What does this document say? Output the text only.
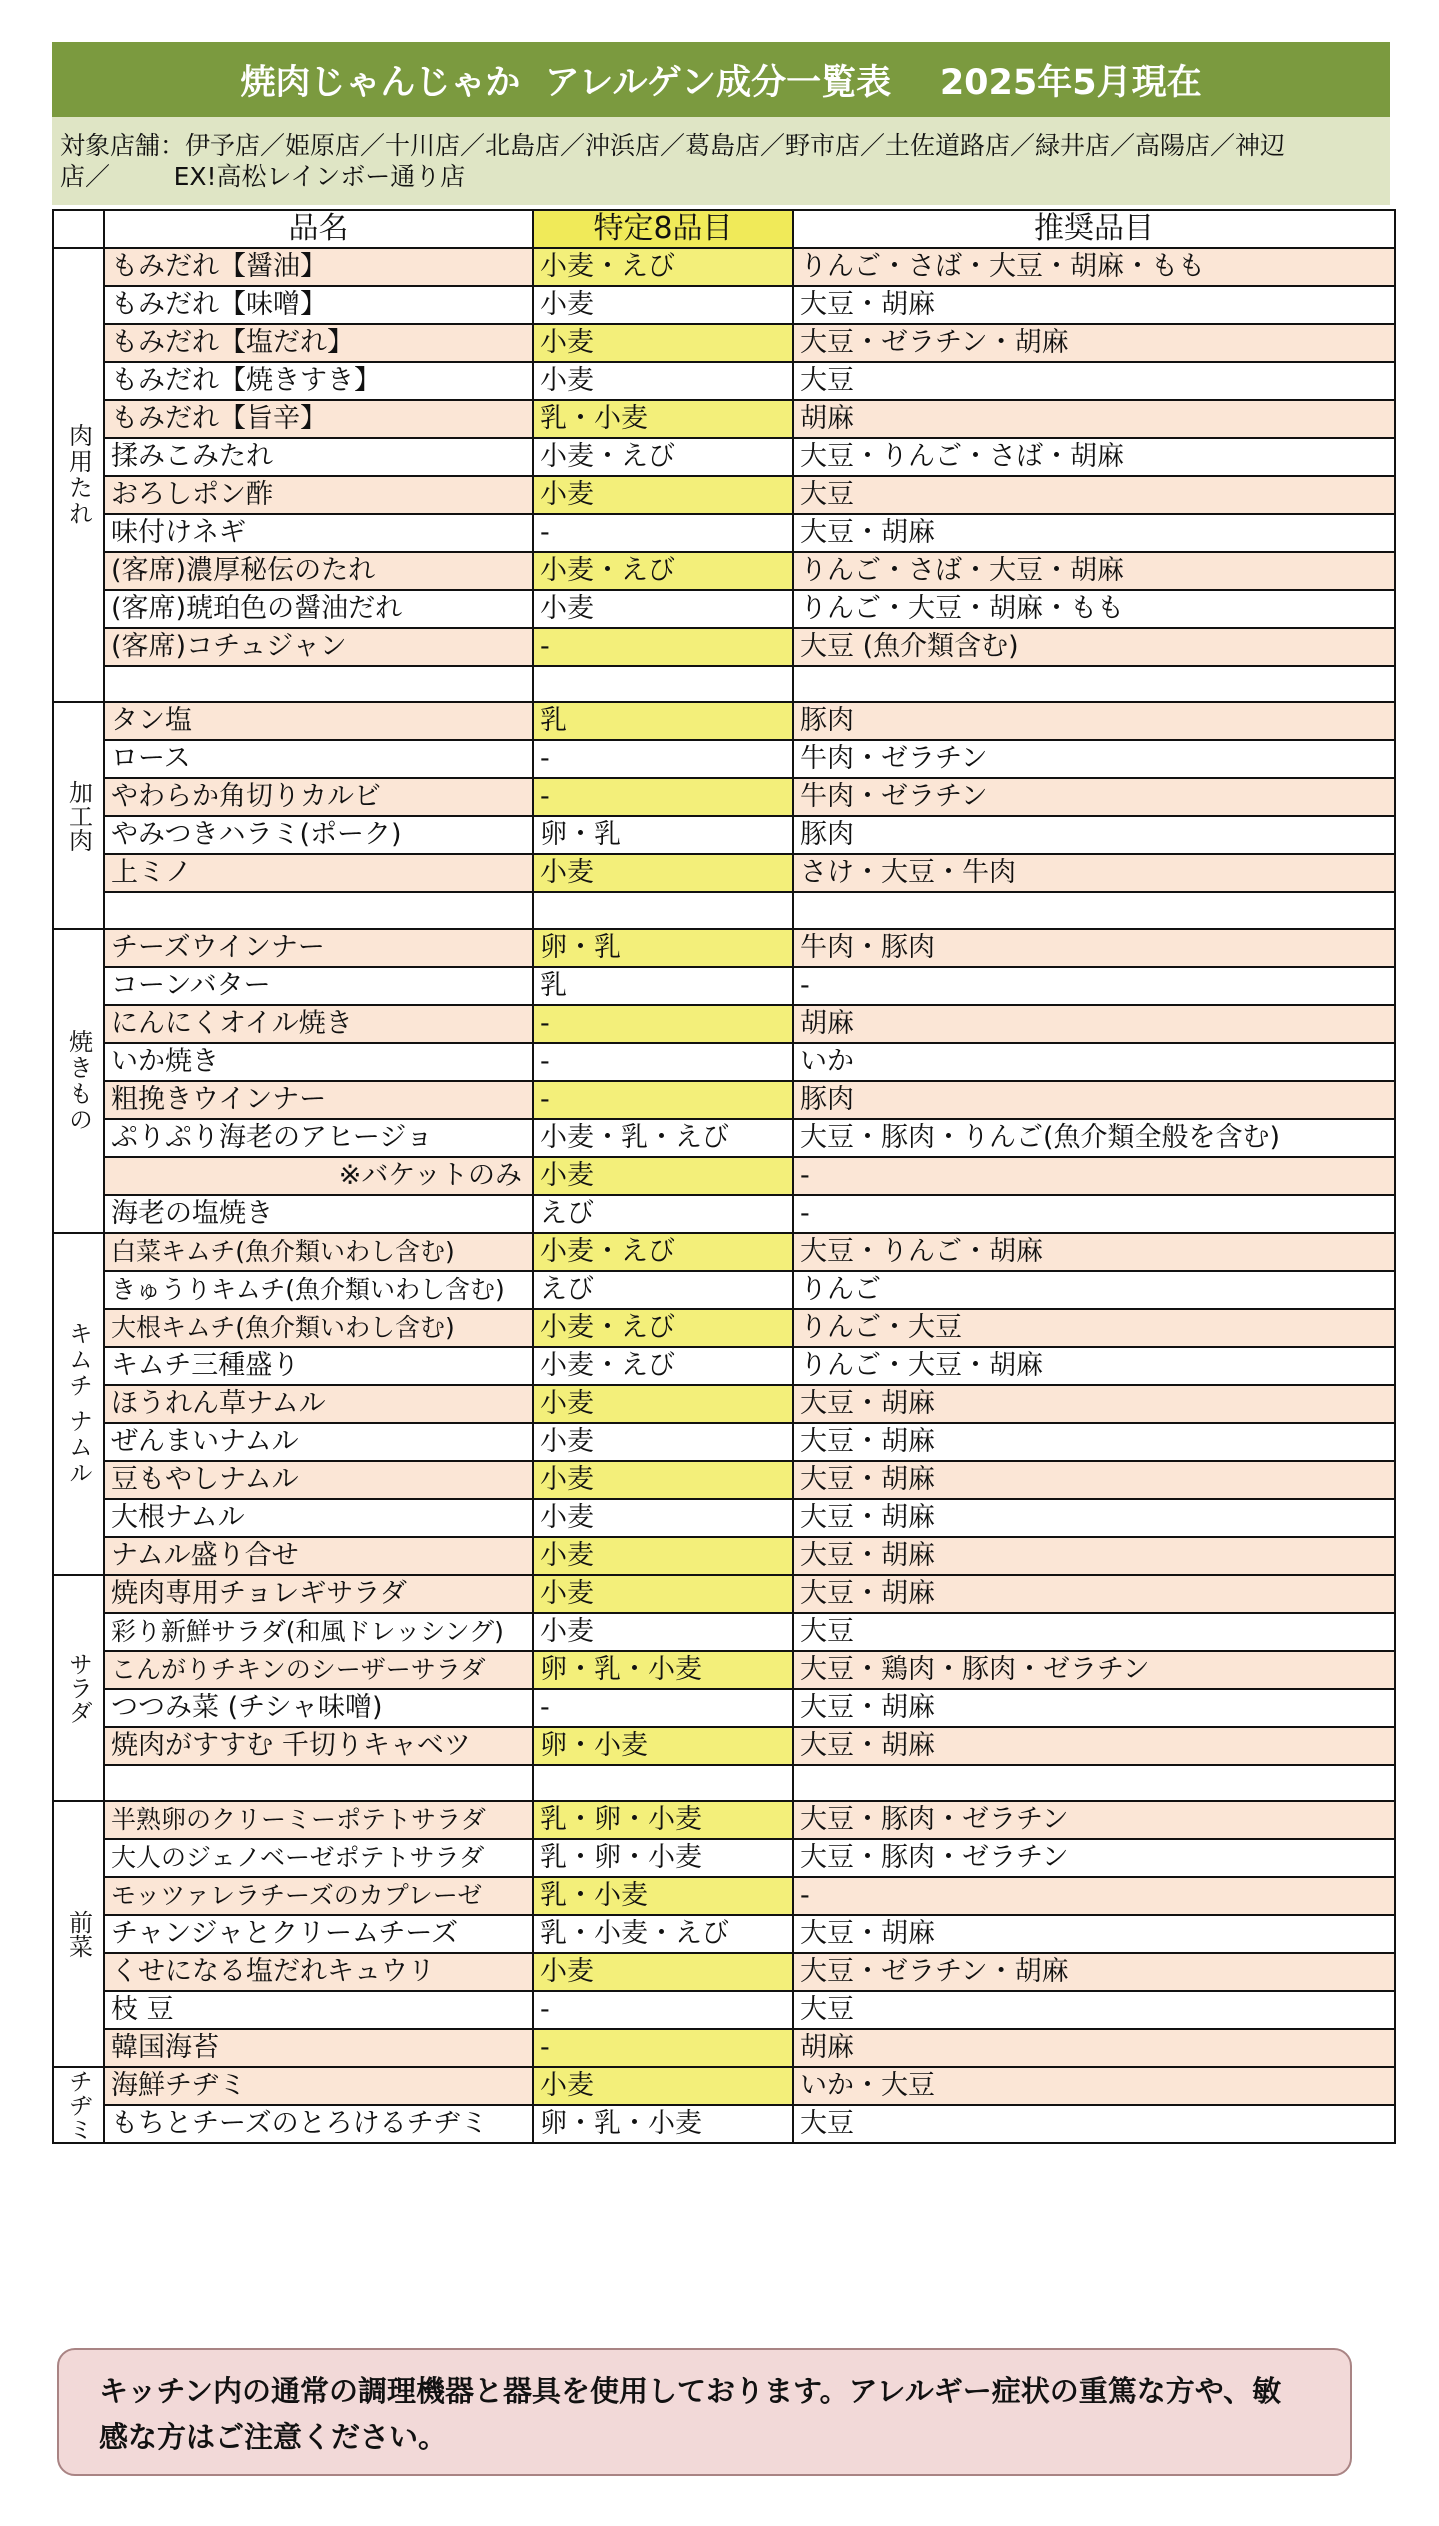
焼肉じゃんじゃか  アレルゲン成分一覧表    2025年5月現在
対象店舗：伊予店／姫原店／十川店／北島店／沖浜店／葛島店／野市店／土佐道路店／緑井店／高陽店／神辺
店／        EX!高松レインボー通り店
	品名	特定8品目	推奨品目
肉用たれ	もみだれ【醤油】	小麦・えび	りんご・さば・大豆・胡麻・もも
	もみだれ【味噌】	小麦	大豆・胡麻
	もみだれ【塩だれ】	小麦	大豆・ゼラチン・胡麻
	もみだれ【焼きすき】	小麦	大豆
	もみだれ【旨辛】	乳・小麦	胡麻
	揉みこみたれ	小麦・えび	大豆・りんご・さば・胡麻
	おろしポン酢	小麦	大豆
	味付けネギ	-	大豆・胡麻
	(客席)濃厚秘伝のたれ	小麦・えび	りんご・さば・大豆・胡麻
	(客席)琥珀色の醤油だれ	小麦	りんご・大豆・胡麻・もも
	(客席)コチュジャン	-	大豆 (魚介類含む)

加工肉	タン塩	乳	豚肉
	ロース	-	牛肉・ゼラチン
	やわらか角切りカルビ	-	牛肉・ゼラチン
	やみつきハラミ(ポーク)	卵・乳	豚肉
	上ミノ	小麦	さけ・大豆・牛肉

焼きもの	チーズウインナー	卵・乳	牛肉・豚肉
	コーンバター	乳	-
	にんにくオイル焼き	-	胡麻
	いか焼き	-	いか
	粗挽きウインナー	-	豚肉
	ぷりぷり海老のアヒージョ	小麦・乳・えび	大豆・豚肉・りんご(魚介類全般を含む)
	※バケットのみ	小麦	-
	海老の塩焼き	えび	-
キムチ ナムル	白菜キムチ(魚介類いわし含む)	小麦・えび	大豆・りんご・胡麻
	きゅうりキムチ(魚介類いわし含む)	えび	りんご
	大根キムチ(魚介類いわし含む)	小麦・えび	りんご・大豆
	キムチ三種盛り	小麦・えび	りんご・大豆・胡麻
	ほうれん草ナムル	小麦	大豆・胡麻
	ぜんまいナムル	小麦	大豆・胡麻
	豆もやしナムル	小麦	大豆・胡麻
	大根ナムル	小麦	大豆・胡麻
	ナムル盛り合せ	小麦	大豆・胡麻
サラダ	焼肉専用チョレギサラダ	小麦	大豆・胡麻
	彩り新鮮サラダ(和風ドレッシング)	小麦	大豆
	こんがりチキンのシーザーサラダ	卵・乳・小麦	大豆・鶏肉・豚肉・ゼラチン
	つつみ菜 (チシャ味噌)	-	大豆・胡麻
	焼肉がすすむ 千切りキャベツ	卵・小麦	大豆・胡麻

前菜	半熟卵のクリーミーポテトサラダ	乳・卵・小麦	大豆・豚肉・ゼラチン
	大人のジェノベーゼポテトサラダ	乳・卵・小麦	大豆・豚肉・ゼラチン
	モッツァレラチーズのカプレーゼ	乳・小麦	-
	チャンジャとクリームチーズ	乳・小麦・えび	大豆・胡麻
	くせになる塩だれキュウリ	小麦	大豆・ゼラチン・胡麻
	枝 豆	-	大豆
	韓国海苔	-	胡麻
チヂミ	海鮮チヂミ	小麦	いか・大豆
	もちとチーズのとろけるチヂミ	卵・乳・小麦	大豆
キッチン内の通常の調理機器と器具を使用しております。アレルギー症状の重篤な方や、敏感な方はご注意ください。
